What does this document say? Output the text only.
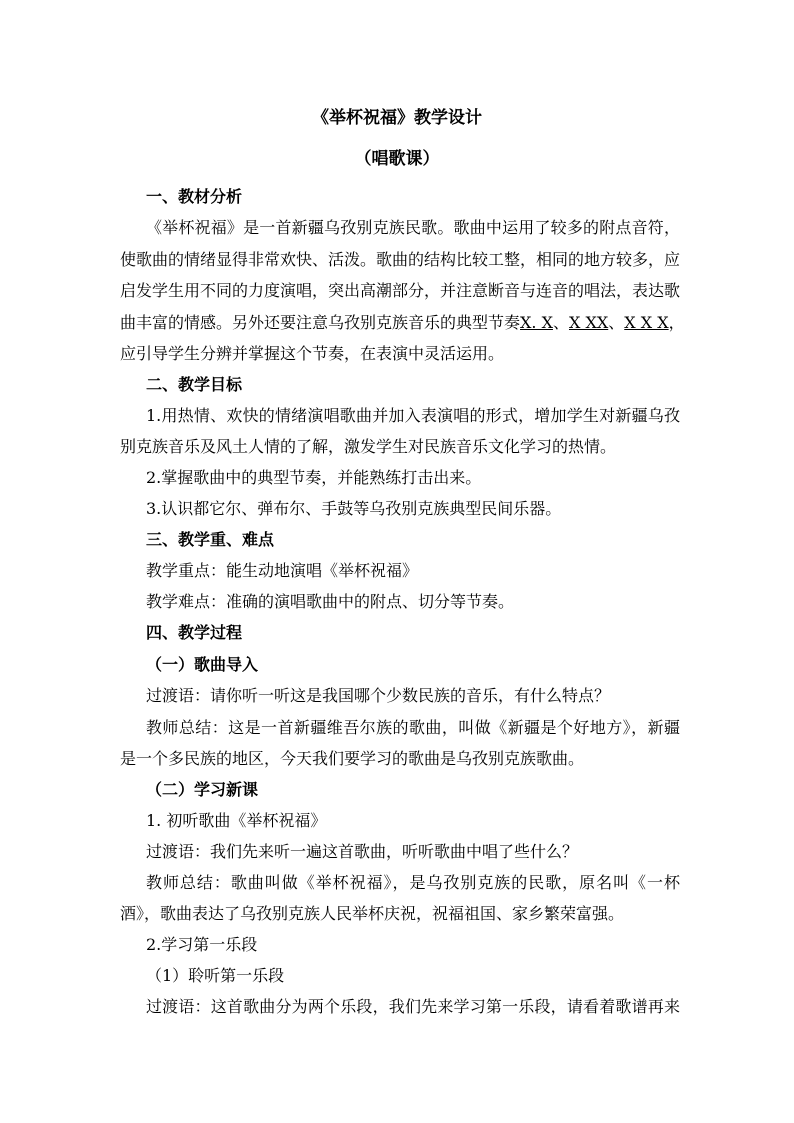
《举杯祝福》教学设计
（唱歌课）
一、教材分析
《举杯祝福》是一首新疆乌孜别克族民歌。歌曲中运用了较多的附点音符，
使歌曲的情绪显得非常欢快、活泼。歌曲的结构比较工整，相同的地方较多，应
启发学生用不同的力度演唱，突出高潮部分，并注意断音与连音的唱法，表达歌
曲丰富的情感。另外还要注意乌孜别克族音乐的典型节奏X. X、X XX、X X X，
应引导学生分辨并掌握这个节奏，在表演中灵活运用。
二、教学目标
1.用热情、欢快的情绪演唱歌曲并加入表演唱的形式，增加学生对新疆乌孜
别克族音乐及风土人情的了解，激发学生对民族音乐文化学习的热情。
2.掌握歌曲中的典型节奏，并能熟练打击出来。
3.认识都它尔、弹布尔、手鼓等乌孜别克族典型民间乐器。
三、教学重、难点
教学重点：能生动地演唱《举杯祝福》
教学难点：准确的演唱歌曲中的附点、切分等节奏。
四、教学过程
（一）歌曲导入
过渡语：请你听一听这是我国哪个少数民族的音乐，有什么特点？
教师总结：这是一首新疆维吾尔族的歌曲，叫做《新疆是个好地方》，新疆
是一个多民族的地区，今天我们要学习的歌曲是乌孜别克族歌曲。
（二）学习新课
1. 初听歌曲《举杯祝福》
过渡语：我们先来听一遍这首歌曲，听听歌曲中唱了些什么？
教师总结：歌曲叫做《举杯祝福》，是乌孜别克族的民歌，原名叫《一杯
酒》，歌曲表达了乌孜别克族人民举杯庆祝，祝福祖国、家乡繁荣富强。
2.学习第一乐段
（1）聆听第一乐段
过渡语：这首歌曲分为两个乐段，我们先来学习第一乐段，请看着歌谱再来
